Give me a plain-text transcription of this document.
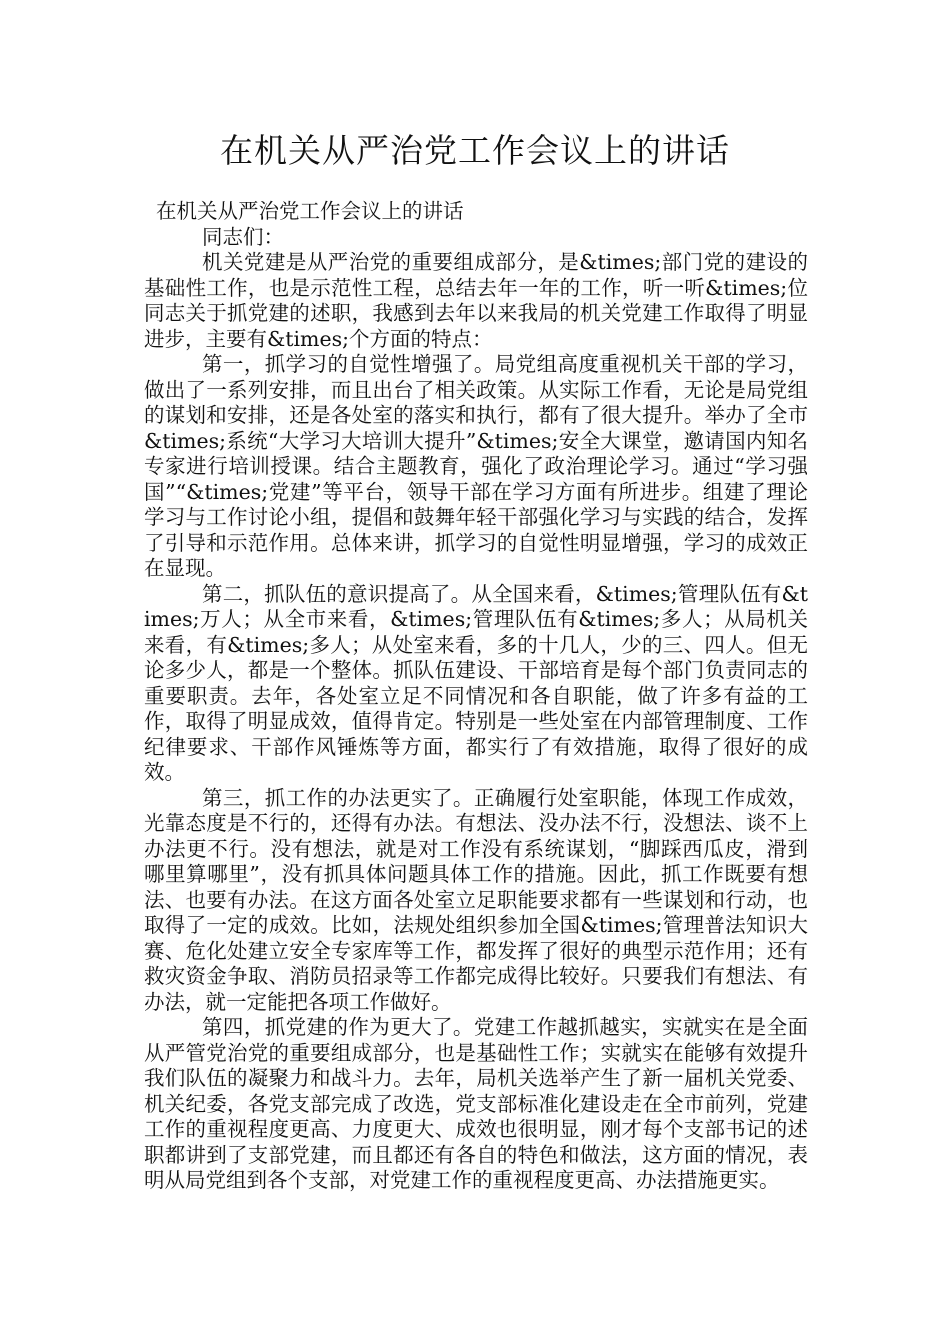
在机关从严治党工作会议上的讲话

在机关从严治党工作会议上的讲话

同志们：

机关党建是从严治党的重要组成部分，是&times;部门党的建设的基础性工作，也是示范性工程，总结去年一年的工作，听一听&times;位同志关于抓党建的述职，我感到去年以来我局的机关党建工作取得了明显进步，主要有&times;个方面的特点：

第一，抓学习的自觉性增强了。局党组高度重视机关干部的学习，做出了一系列安排，而且出台了相关政策。从实际工作看，无论是局党组的谋划和安排，还是各处室的落实和执行，都有了很大提升。举办了全市&times;系统“大学习大培训大提升”&times;安全大课堂，邀请国内知名专家进行培训授课。结合主题教育，强化了政治理论学习。通过“学习强国”“&times;党建”等平台，领导干部在学习方面有所进步。组建了理论学习与工作讨论小组，提倡和鼓舞年轻干部强化学习与实践的结合，发挥了引导和示范作用。总体来讲，抓学习的自觉性明显增强，学习的成效正在显现。

第二，抓队伍的意识提高了。从全国来看，&times;管理队伍有&times;万人；从全市来看，&times;管理队伍有&times;多人；从局机关来看，有&times;多人；从处室来看，多的十几人，少的三、四人。但无论多少人，都是一个整体。抓队伍建设、干部培育是每个部门负责同志的重要职责。去年，各处室立足不同情况和各自职能，做了许多有益的工作，取得了明显成效，值得肯定。特别是一些处室在内部管理制度、工作纪律要求、干部作风锤炼等方面，都实行了有效措施，取得了很好的成效。

第三，抓工作的办法更实了。正确履行处室职能，体现工作成效，光靠态度是不行的，还得有办法。有想法、没办法不行，没想法、谈不上办法更不行。没有想法，就是对工作没有系统谋划，“脚踩西瓜皮，滑到哪里算哪里”，没有抓具体问题具体工作的措施。因此，抓工作既要有想法、也要有办法。在这方面各处室立足职能要求都有一些谋划和行动，也取得了一定的成效。比如，法规处组织参加全国&times;管理普法知识大赛、危化处建立安全专家库等工作，都发挥了很好的典型示范作用；还有救灾资金争取、消防员招录等工作都完成得比较好。只要我们有想法、有办法，就一定能把各项工作做好。

第四，抓党建的作为更大了。党建工作越抓越实，实就实在是全面从严管党治党的重要组成部分，也是基础性工作；实就实在能够有效提升我们队伍的凝聚力和战斗力。去年，局机关选举产生了新一届机关党委、机关纪委，各党支部完成了改选，党支部标准化建设走在全市前列，党建工作的重视程度更高、力度更大、成效也很明显，刚才每个支部书记的述职都讲到了支部党建，而且都还有各自的特色和做法，这方面的情况，表明从局党组到各个支部，对党建工作的重视程度更高、办法措施更实。
